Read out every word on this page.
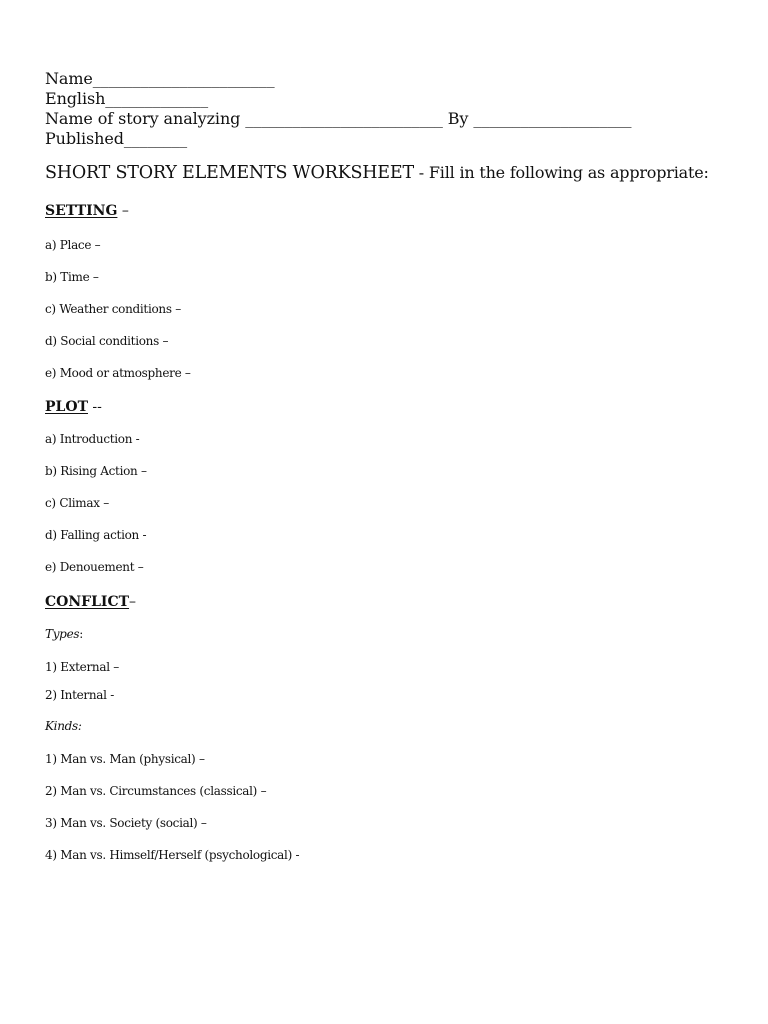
Name_______________________
English_____________
Name of story analyzing _________________________ By ____________________
Published________
SHORT STORY ELEMENTS WORKSHEET - Fill in the following as appropriate:
SETTING –
a) Place –
b) Time –
c) Weather conditions –
d) Social conditions –
e) Mood or atmosphere –
PLOT --
a) Introduction -
b) Rising Action –
c) Climax –
d) Falling action -
e) Denouement –
CONFLICT–
Types:
1) External –
2) Internal -
Kinds:
1) Man vs. Man (physical) –
2) Man vs. Circumstances (classical) –
3) Man vs. Society (social) –
4) Man vs. Himself/Herself (psychological) -
